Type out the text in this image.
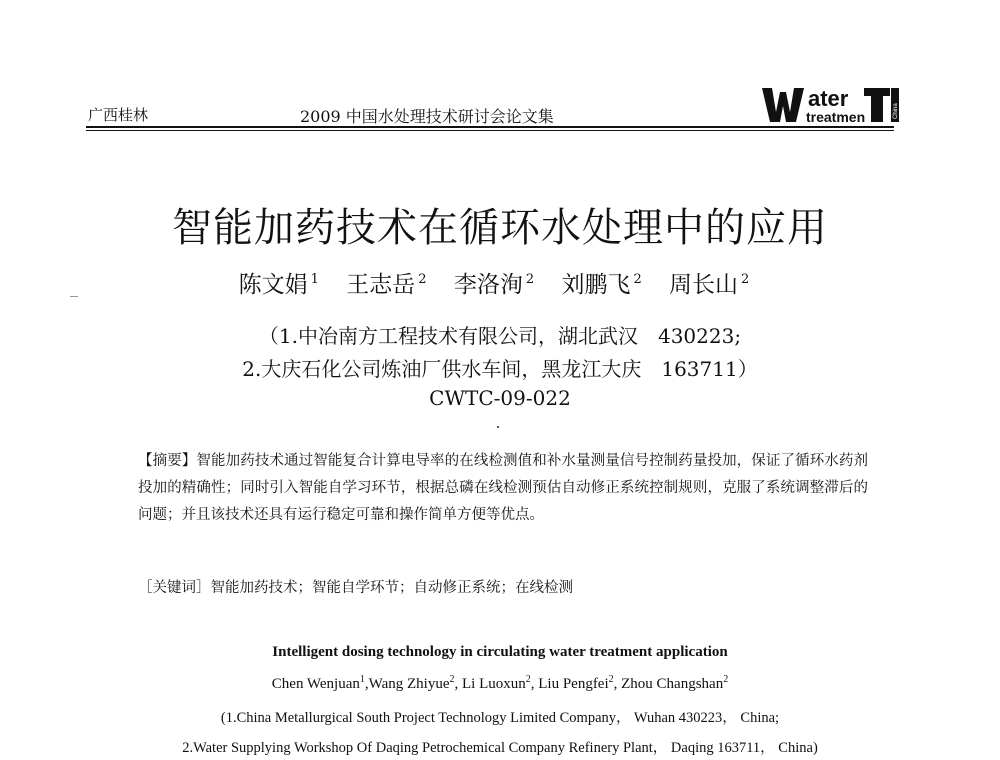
广西桂林	2009 中国水处理技术研讨会论文集
ater
treatmen	China
智能加药技术在循环水处理中的应用
陈文娟 $^1$ 王志岳 $^2$ 李洛洵 $^2$ 刘鹏飞 $^2$ 周长山 $^2$
（1.中冶南方工程技术有限公司，湖北武汉　430223;
2.大庆石化公司炼油厂供水车间，黑龙江大庆　163711）
CWTC-09-022
【摘要】智能加药技术通过智能复合计算电导率的在线检测值和补水量测量信号控制药量投加，保证了循环水药剂投加的精确性；同时引入智能自学习环节，根据总磷在线检测预估自动修正系统控制规则，克服了系统调整滞后的问题；并且该技术还具有运行稳定可靠和操作简单方便等优点。
［关键词］智能加药技术；智能自学环节；自动修正系统；在线检测
Intelligent dosing technology in circulating water treatment application
Chen Wenjuan$^1$,Wang Zhiyue$^2$, Li Luoxun$^2$, Liu Pengfei$^2$, Zhou Changshan$^2$
(1.China Metallurgical South Project Technology Limited Company， Wuhan 430223， China;
2.Water Supplying Workshop Of Daqing Petrochemical Company Refinery Plant， Daqing 163711， China)
